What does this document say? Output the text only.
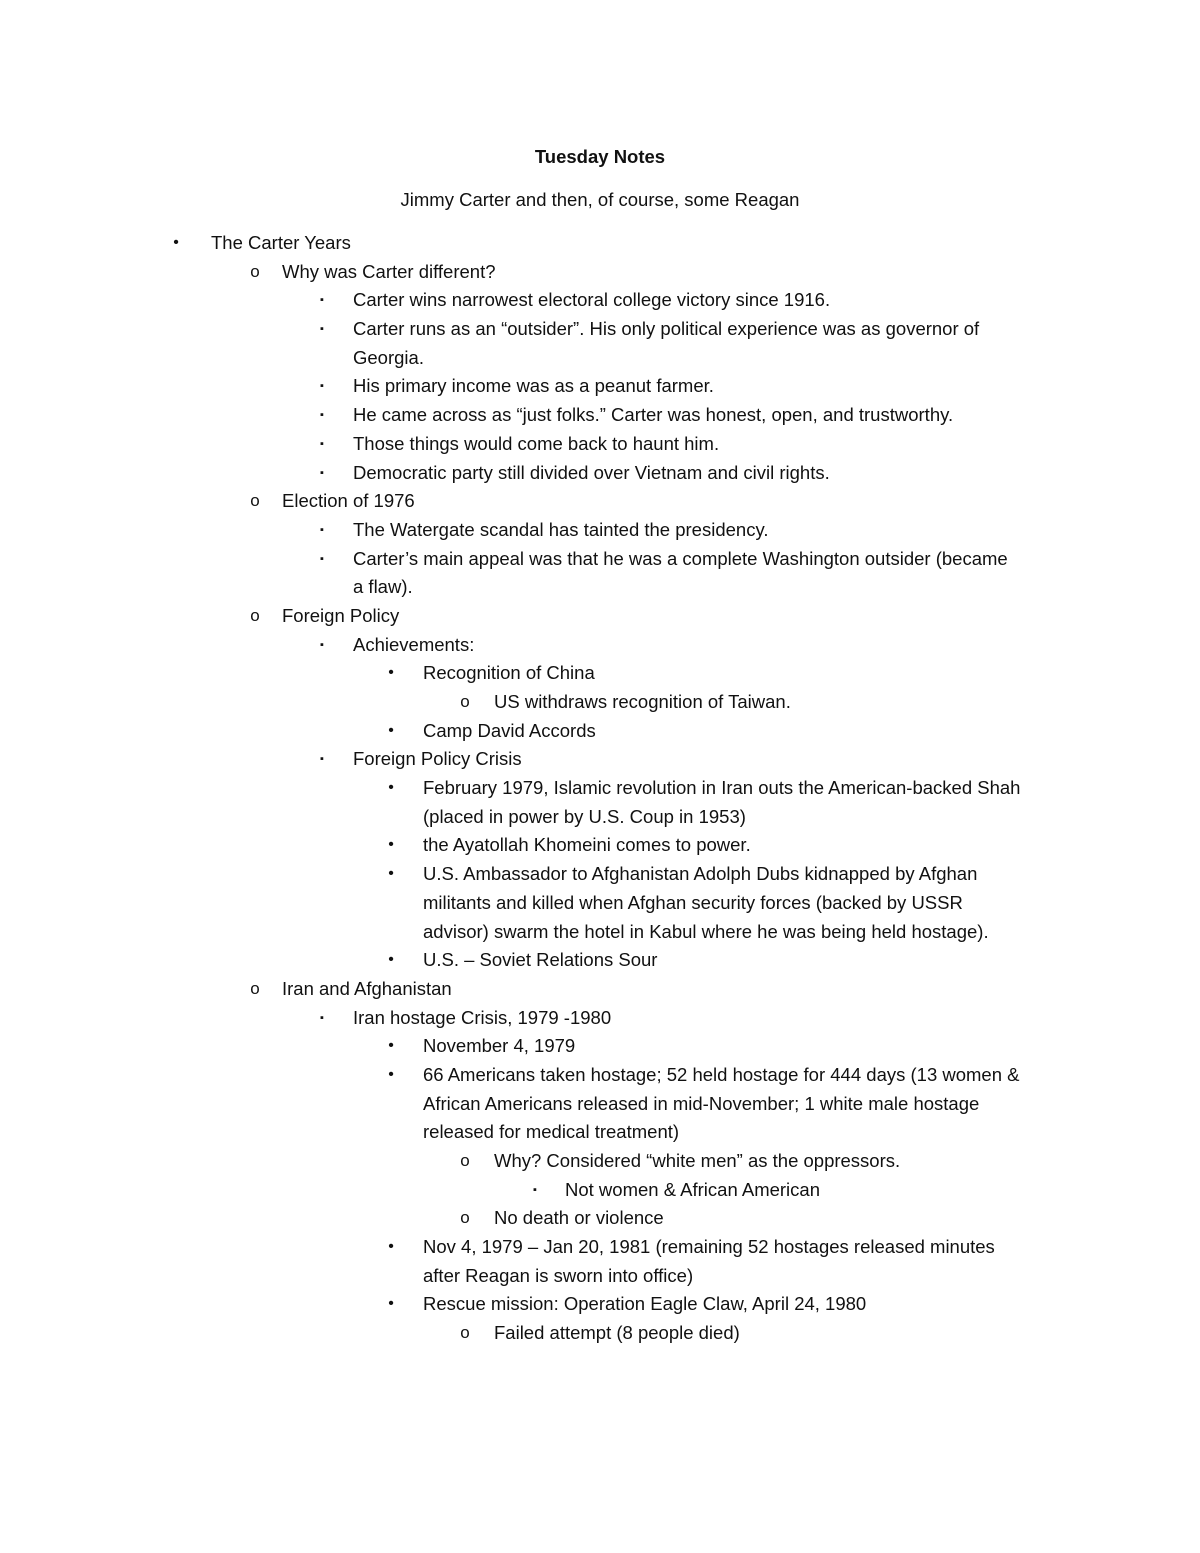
Tuesday Notes
Jimmy Carter and then, of course, some Reagan
•	The Carter Years
o Why was Carter different?
▪	Carter wins narrowest electoral college victory since 1916.
▪	Carter runs as an “outsider”. His only political experience was as governor of
Georgia.
▪	His primary income was as a peanut farmer.
▪	He came across as “just folks.” Carter was honest, open, and trustworthy.
▪	Those things would come back to haunt him.
▪	Democratic party still divided over Vietnam and civil rights.
o Election of 1976
▪	The Watergate scandal has tainted the presidency.
▪	Carter’s main appeal was that he was a complete Washington outsider (became
a flaw).
o Foreign Policy
▪	Achievements:
•	Recognition of China
o US withdraws recognition of Taiwan.
•	Camp David Accords
▪	Foreign Policy Crisis
•	February 1979, Islamic revolution in Iran outs the American-backed Shah
(placed in power by U.S. Coup in 1953)
•	the Ayatollah Khomeini comes to power.
•	U.S. Ambassador to Afghanistan Adolph Dubs kidnapped by Afghan
militants and killed when Afghan security forces (backed by USSR
advisor) swarm the hotel in Kabul where he was being held hostage).
•	U.S. – Soviet Relations Sour
o Iran and Afghanistan
▪	Iran hostage Crisis, 1979 -1980
•	November 4, 1979
•	66 Americans taken hostage; 52 held hostage for 444 days (13 women &
African Americans released in mid-November; 1 white male hostage
released for medical treatment)
o Why? Considered “white men” as the oppressors.
▪	Not women & African American
o No death or violence
•	Nov 4, 1979 – Jan 20, 1981 (remaining 52 hostages released minutes
after Reagan is sworn into office)
•	Rescue mission: Operation Eagle Claw, April 24, 1980
o Failed attempt (8 people died)
